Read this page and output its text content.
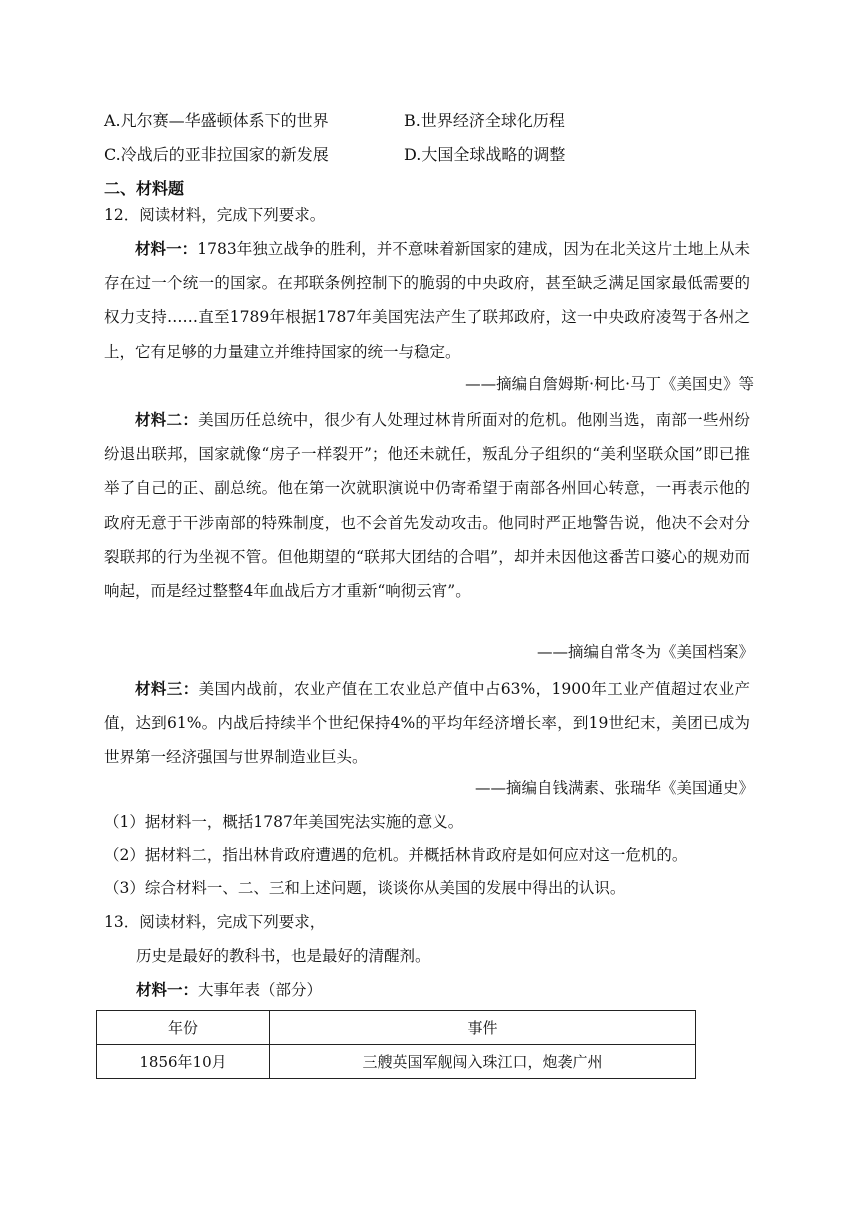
A.凡尔赛—华盛顿体系下的世界	B.世界经济全球化历程
C.冷战后的亚非拉国家的新发展	D.大国全球战略的调整
二、材料题
12．阅读材料，完成下列要求。

材料一：1783年独立战争的胜利，并不意味着新国家的建成，因为在北关这片土地上从未存在过一个统一的国家。在邦联条例控制下的脆弱的中央政府，甚至缺乏满足国家最低需要的权力支持……直至1789年根据1787年美国宪法产生了联邦政府，这一中央政府凌驾于各州之上，它有足够的力量建立并维持国家的统一与稳定。

——摘编自詹姆斯·柯比·马丁《美国史》等

材料二：美国历任总统中，很少有人处理过林肯所面对的危机。他刚当选，南部一些州纷纷退出联邦，国家就像“房子一样裂开”；他还未就任，叛乱分子组织的“美利坚联众国”即已推举了自己的正、副总统。他在第一次就职演说中仍寄希望于南部各州回心转意，一再表示他的政府无意于干涉南部的特殊制度，也不会首先发动攻击。他同时严正地警告说，他决不会对分裂联邦的行为坐视不管。但他期望的“联邦大团结的合唱”，却并未因他这番苦口婆心的规劝而响起，而是经过整整4年血战后方才重新“响彻云宵”。

——摘编自常冬为《美国档案》

材料三：美国内战前，农业产值在工农业总产值中占63%，1900年工业产值超过农业产值，达到61%。内战后持续半个世纪保持4%的平均年经济增长率，到19世纪末，美团已成为世界第一经济强国与世界制造业巨头。

——摘编自钱满素、张瑞华《美国通史》
（1）据材料一，概括1787年美国宪法实施的意义。
（2）据材料二，指出林肯政府遭遇的危机。并概括林肯政府是如何应对这一危机的。
（3）综合材料一、二、三和上述问题，谈谈你从美国的发展中得出的认识。
13．阅读材料，完成下列要求，
历史是最好的教科书，也是最好的清醒剂。
材料一：大事年表（部分）
年份	事件
1856年10月	三艘英国军舰闯入珠江口，炮袭广州
